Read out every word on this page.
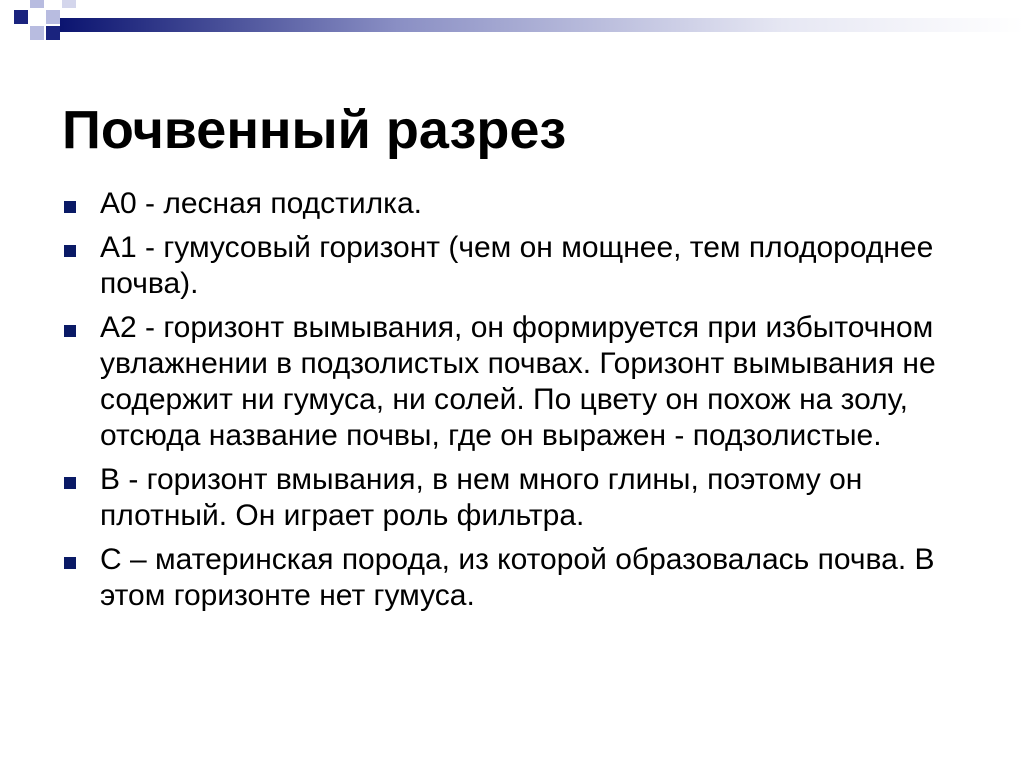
Почвенный разрез
А0 - лесная подстилка.
А1 - гумусовый горизонт (чем он мощнее, тем плодороднее почва).
А2 - горизонт вымывания, он формируется при избыточном увлажнении в подзолистых почвах. Горизонт вымывания не содержит ни гумуса, ни солей. По цвету он похож на золу, отсюда название почвы, где он выражен - подзолистые.
В - горизонт вмывания, в нем много глины, поэтому он плотный. Он играет роль фильтра.
С – материнская порода, из которой образовалась почва. В этом горизонте нет гумуса.
